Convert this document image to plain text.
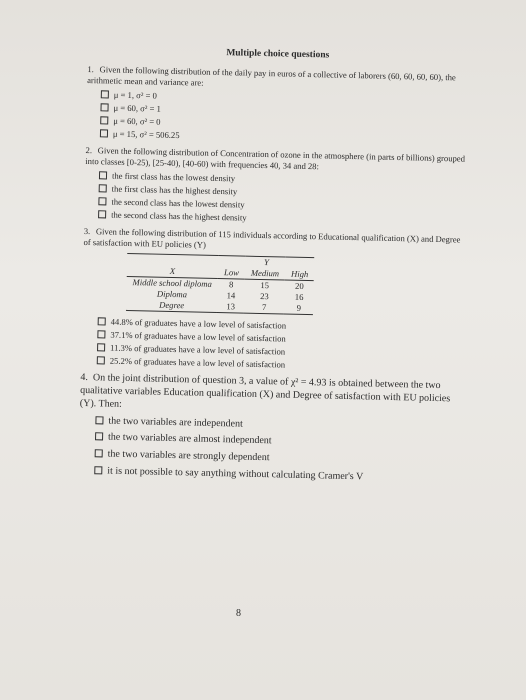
Multiple choice questions
1. Given the following distribution of the daily pay in euros of a collective of laborers (60, 60, 60, 60), the arithmetic mean and variance are:
μ = 1, σ² = 0
μ = 60, σ² = 1
μ = 60, σ² = 0
μ = 15, σ² = 506.25
2. Given the following distribution of Concentration of ozone in the atmosphere (in parts of billions) grouped into classes [0-25), [25-40), [40-60) with frequencies 40, 34 and 28:
the first class has the lowest density
the first class has the highest density
the second class has the lowest density
the second class has the highest density
3. Given the following distribution of 115 individuals according to Educational qualification (X) and Degree of satisfaction with EU policies (Y)
	Y		
X	Low	Medium	High
Middle school diploma	8	15	20
Diploma	14	23	16
Degree	13	7	9
44.8% of graduates have a low level of satisfaction
37.1% of graduates have a low level of satisfaction
11.3% of graduates have a low level of satisfaction
25.2% of graduates have a low level of satisfaction
4. On the joint distribution of question 3, a value of χ² = 4.93 is obtained between the two qualitative variables Education qualification (X) and Degree of satisfaction with EU policies (Y). Then:
the two variables are independent
the two variables are almost independent
the two variables are strongly dependent
it is not possible to say anything without calculating Cramer's V
8
